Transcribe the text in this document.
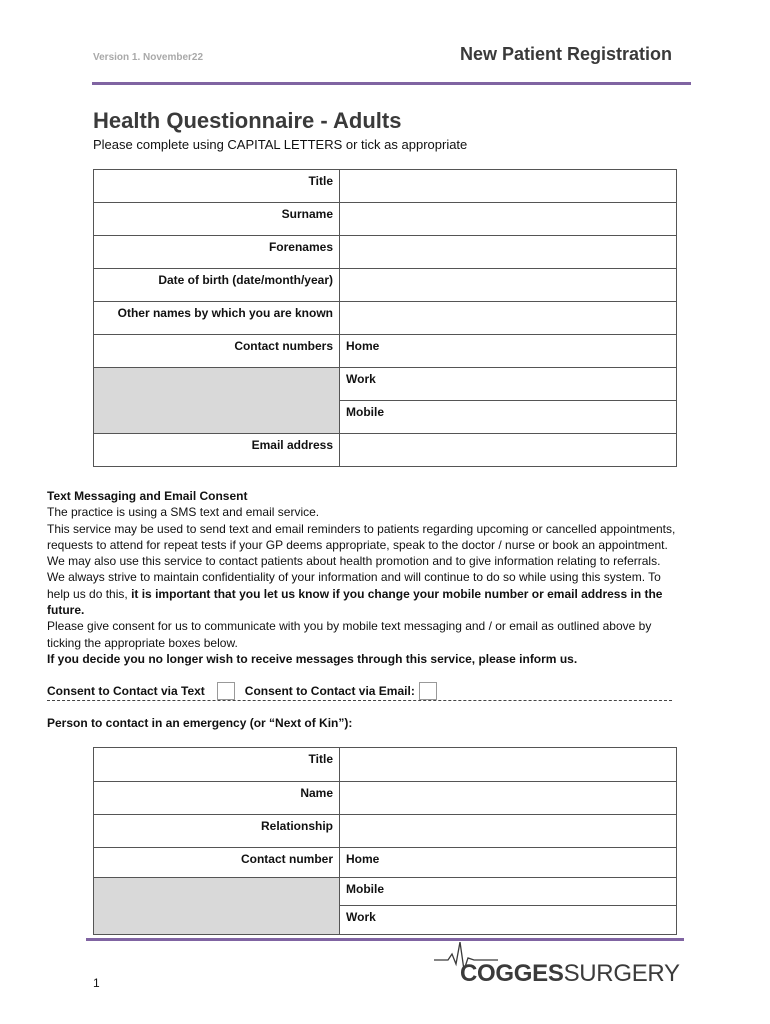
Version 1. November22	New Patient Registration
Health Questionnaire - Adults
Please complete using CAPITAL LETTERS or tick as appropriate
Title	
Surname	
Forenames	
Date of birth (date/month/year)	
Other names by which you are known	
Contact numbers	Home
	Work
	Mobile
Email address	

Text Messaging and Email Consent

The practice is using a SMS text and email service.

This service may be used to send text and email reminders to patients regarding upcoming or cancelled appointments, requests to attend for repeat tests if your GP deems appropriate, speak to the doctor / nurse or book an appointment. We may also use this service to contact patients about health promotion and to give information relating to referrals. We always strive to maintain confidentiality of your information and will continue to do so while using this system. To help us do this, it is important that you let us know if you change your mobile number or email address in the future.

Please give consent for us to communicate with you by mobile text messaging and / or email as outlined above by ticking the appropriate boxes below.

If you decide you no longer wish to receive messages through this service, please inform us.

Consent to Contact via Text	Consent to Contact via Email:
Person to contact in an emergency (or “Next of Kin”):
Title	
Name	
Relationship	
Contact number	Home
	Mobile
	Work
1	COGGESSURGERY
